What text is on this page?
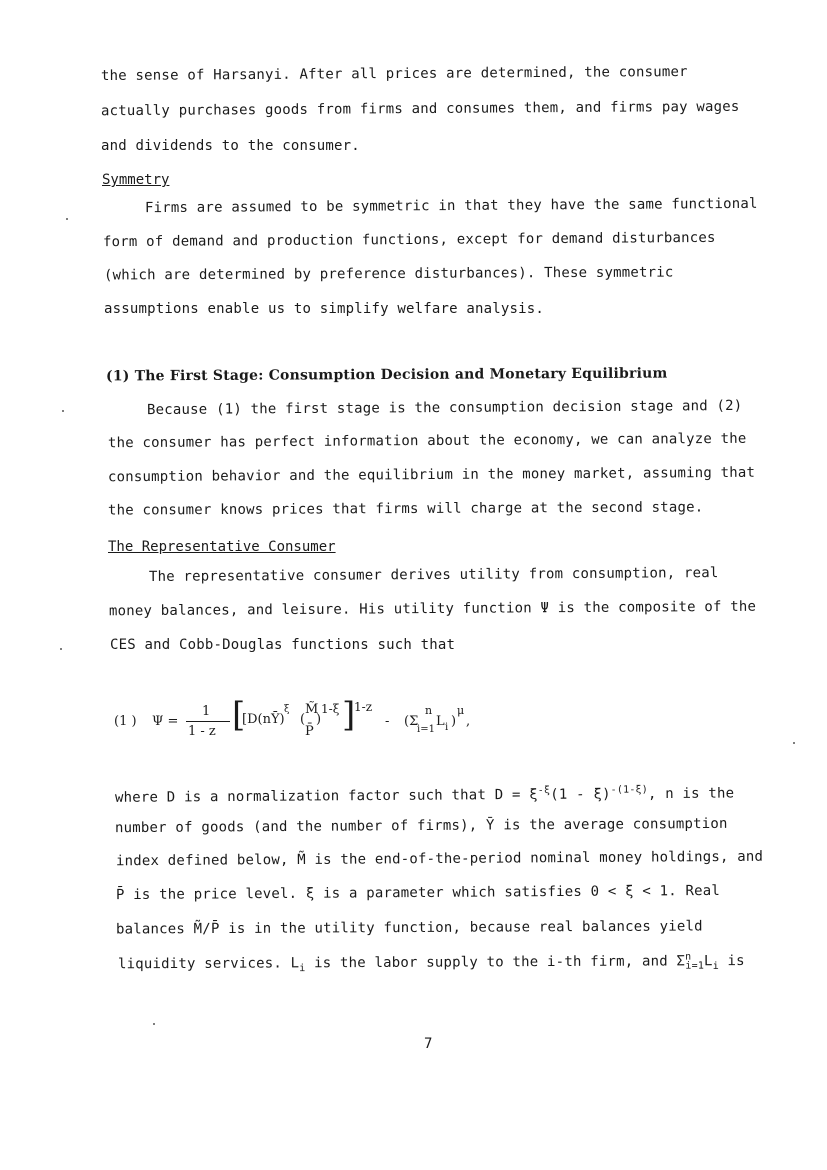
the sense of Harsanyi. After all prices are determined, the consumer
actually purchases goods from firms and consumes them, and firms pay wages
and dividends to the consumer.
Symmetry
Firms are assumed to be symmetric in that they have the same functional
form of demand and production functions, except for demand disturbances
(which are determined by preference disturbances). These symmetric
assumptions enable us to simplify welfare analysis.
(1) The First Stage: Consumption Decision and Monetary Equilibrium
Because (1) the first stage is the consumption decision stage and (2)
the consumer has perfect information about the economy, we can analyze the
consumption behavior and the equilibrium in the money market, assuming that
the consumer knows prices that firms will charge at the second stage.
The Representative Consumer
The representative consumer derives utility from consumption, real
money balances, and leisure. His utility function Ψ is the composite of the
CES and Cobb-Douglas functions such that
(1 ) Ψ =
1
1 - z [
[D(nȲ)
ξ
(
M̃
P̄
)
1-ξ ]
1-z
- (Σ
n
i=1
L i )
μ
,
where D is a normalization factor such that $D = \xi^{-\xi}(1 - \xi)^{-(1-\xi)}$, n is the
number of goods (and the number of firms), Ȳ is the average consumption
index defined below, M̃ is the end-of-the-period nominal money holdings, and
P̄ is the price level. ξ is a parameter which satisfies 0 < ξ < 1. Real
balances M̃/P̄ is in the utility function, because real balances yield
liquidity services. $L_i$ is the labor supply to the i-th firm, and $\Sigma^n_{i=1}L_i$ is
7
